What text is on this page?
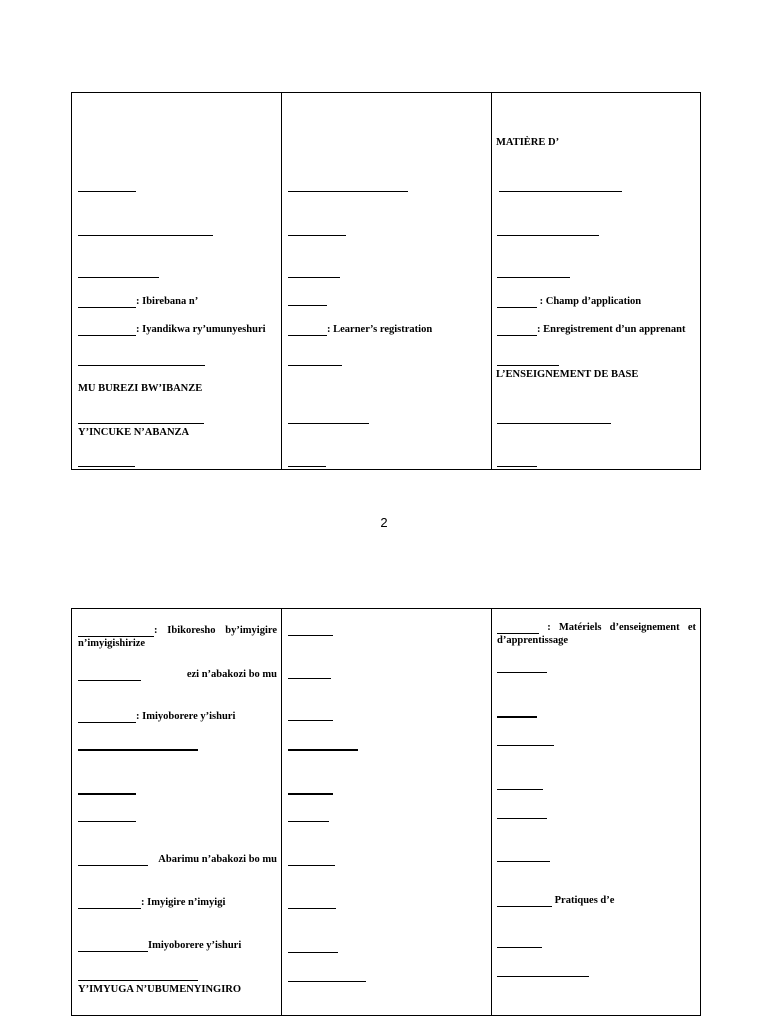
: Ibirebana n’
: Iyandikwa ry’umunyeshuri
MU BUREZI BW’IBANZE
Y’INCUKE N’ABANZA
: Learner’s registration
MATIÈRE D’
: Champ d’application
: Enregistrement d’un apprenant
L’ENSEIGNEMENT DE BASE
2
: Ibikoresho by’imyigire n’imyigishirize
ezi n’abakozi bo mu
: Imiyoborere y’ishuri
Abarimu n’abakozi bo mu
: Imyigire n’imyigi
Imiyoborere y’ishuri
Y’IMYUGA N’UBUMENYINGIRO
: Matériels d’enseignement et d’apprentissage
Pratiques d’e
